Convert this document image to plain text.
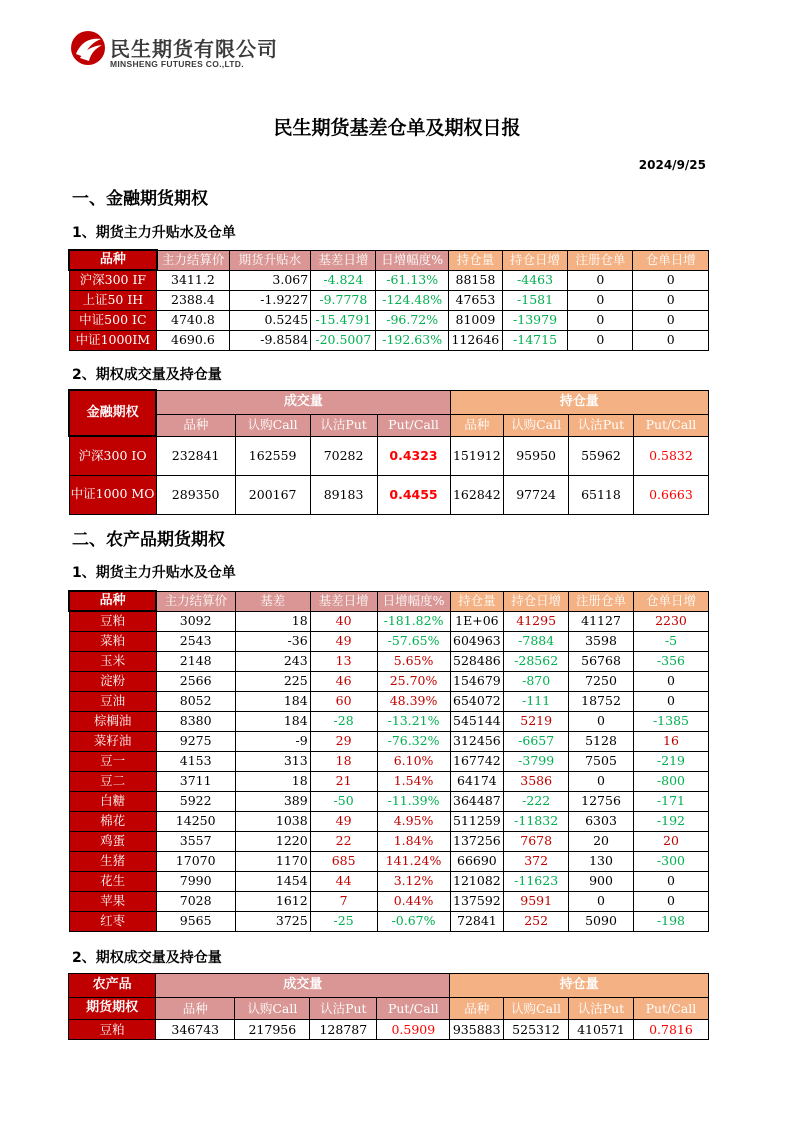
民生期货有限公司
MINSHENG FUTURES CO.,LTD.
民生期货基差仓单及期权日报
2024/9/25
一、金融期货期权
1、期货主力升贴水及仓单
品种	主力结算价	期货升贴水	基差日增	日增幅度%	持仓量	持仓日增	注册仓单	仓单日增
沪深300 IF	3411.2	3.067	-4.824	-61.13%	88158	-4463	0	0
上证50 IH	2388.4	-1.9227	-9.7778	-124.48%	47653	-1581	0	0
中证500 IC	4740.8	0.5245	-15.4791	-96.72%	81009	-13979	0	0
中证1000IM	4690.6	-9.8584	-20.5007	-192.63%	112646	-14715	0	0
2、期权成交量及持仓量
金融期权	成交量				持仓量			
	品种	认购Call	认沽Put	Put/Call	品种	认购Call	认沽Put	Put/Call
沪深300 IO	232841	162559	70282	0.4323	151912	95950	55962	0.5832
中证1000 MO	289350	200167	89183	0.4455	162842	97724	65118	0.6663
二、农产品期货期权
1、期货主力升贴水及仓单
品种	主力结算价	基差	基差日增	日增幅度%	持仓量	持仓日增	注册仓单	仓单日增
豆粕	3092	18	40	-181.82%	1E+06	41295	41127	2230
菜粕	2543	-36	49	-57.65%	604963	-7884	3598	-5
玉米	2148	243	13	5.65%	528486	-28562	56768	-356
淀粉	2566	225	46	25.70%	154679	-870	7250	0
豆油	8052	184	60	48.39%	654072	-111	18752	0
棕榈油	8380	184	-28	-13.21%	545144	5219	0	-1385
菜籽油	9275	-9	29	-76.32%	312456	-6657	5128	16
豆一	4153	313	18	6.10%	167742	-3799	7505	-219
豆二	3711	18	21	1.54%	64174	3586	0	-800
白糖	5922	389	-50	-11.39%	364487	-222	12756	-171
棉花	14250	1038	49	4.95%	511259	-11832	6303	-192
鸡蛋	3557	1220	22	1.84%	137256	7678	20	20
生猪	17070	1170	685	141.24%	66690	372	130	-300
花生	7990	1454	44	3.12%	121082	-11623	900	0
苹果	7028	1612	7	0.44%	137592	9591	0	0
红枣	9565	3725	-25	-0.67%	72841	252	5090	-198
2、期权成交量及持仓量
农产品	成交量				持仓量			
期货期权	品种	认购Call	认沽Put	Put/Call	品种	认购Call	认沽Put	Put/Call
豆粕	346743	217956	128787	0.5909	935883	525312	410571	0.7816
